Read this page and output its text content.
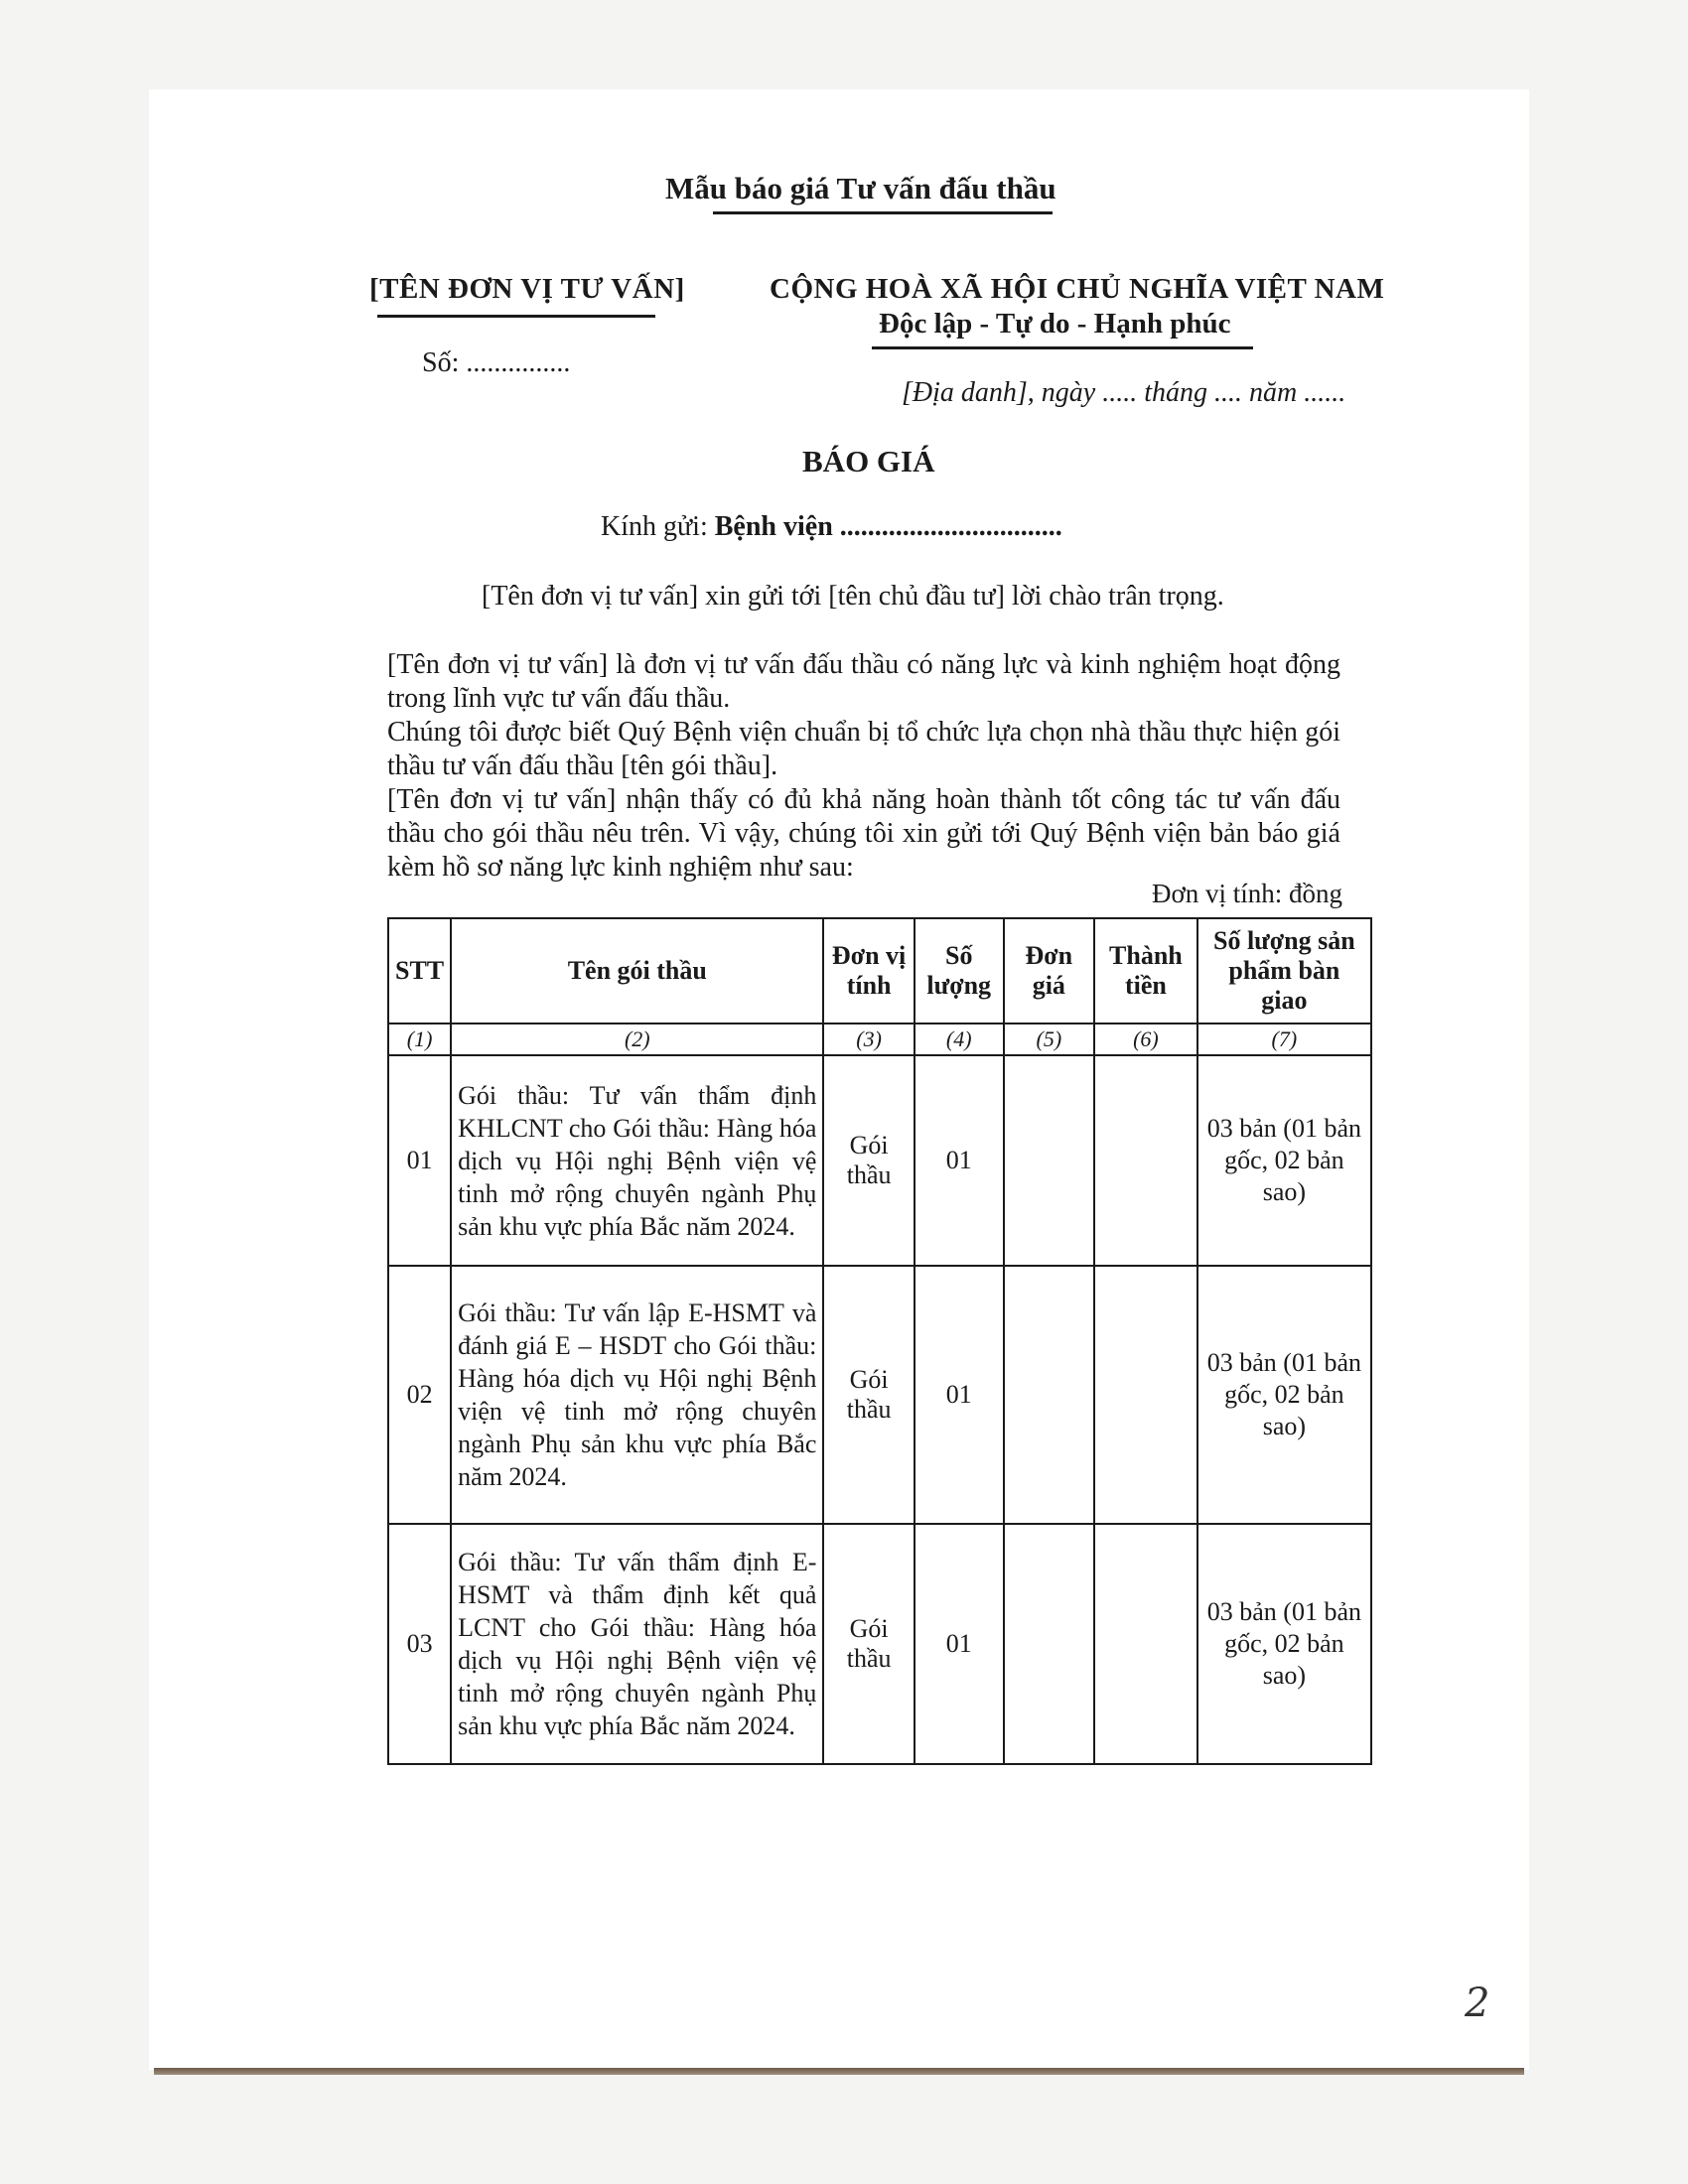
Mẫu báo giá Tư vấn đấu thầu
[TÊN ĐƠN VỊ TƯ VẤN]
Số: ...............
CỘNG HOÀ XÃ HỘI CHỦ NGHĨA VIỆT NAM
Độc lập - Tự do - Hạnh phúc
[Địa danh], ngày ..... tháng .... năm ......
BÁO GIÁ
Kính gửi: Bệnh viện ................................
[Tên đơn vị tư vấn] xin gửi tới [tên chủ đầu tư] lời chào trân trọng.
[Tên đơn vị tư vấn] là đơn vị tư vấn đấu thầu có năng lực và kinh nghiệm hoạt động trong lĩnh vực tư vấn đấu thầu.
Chúng tôi được biết Quý Bệnh viện chuẩn bị tổ chức lựa chọn nhà thầu thực hiện gói thầu tư vấn đấu thầu [tên gói thầu].
[Tên đơn vị tư vấn] nhận thấy có đủ khả năng hoàn thành tốt công tác tư vấn đấu thầu cho gói thầu nêu trên. Vì vậy, chúng tôi xin gửi tới Quý Bệnh viện bản báo giá kèm hồ sơ năng lực kinh nghiệm như sau:
Đơn vị tính: đồng
STT	Tên gói thầu	Đơn vị tính	Số lượng	Đơn giá	Thành tiền	Số lượng sản phẩm bàn giao
(1)	(2)	(3)	(4)	(5)	(6)	(7)
01	Gói thầu: Tư vấn thẩm định KHLCNT cho Gói thầu: Hàng hóa dịch vụ Hội nghị Bệnh viện vệ tinh mở rộng chuyên ngành Phụ sản khu vực phía Bắc năm 2024.	Gói thầu	01			03 bản (01 bản gốc, 02 bản sao)
02	Gói thầu: Tư vấn lập E-HSMT và đánh giá E – HSDT cho Gói thầu: Hàng hóa dịch vụ Hội nghị Bệnh viện vệ tinh mở rộng chuyên ngành Phụ sản khu vực phía Bắc năm 2024.	Gói thầu	01			03 bản (01 bản gốc, 02 bản sao)
03	Gói thầu: Tư vấn thẩm định E-HSMT và thẩm định kết quả LCNT cho Gói thầu: Hàng hóa dịch vụ Hội nghị Bệnh viện vệ tinh mở rộng chuyên ngành Phụ sản khu vực phía Bắc năm 2024.	Gói thầu	01			03 bản (01 bản gốc, 02 bản sao)
2
